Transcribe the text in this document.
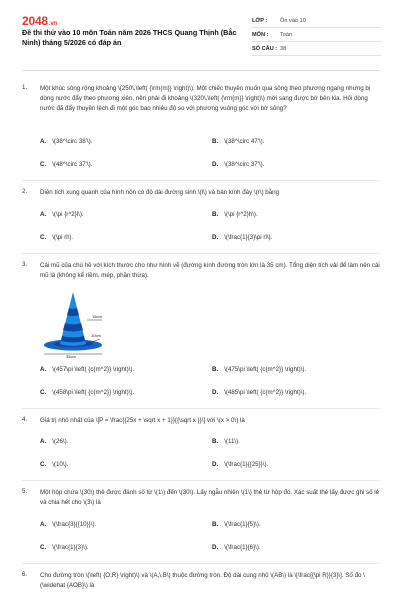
2048.vn
Đề thi thử vào 10 môn Toán năm 2026 THCS Quang Thịnh (Bắc Ninh) tháng 5/2026 có đáp án
LỚP :	Ôn vào 10
MÔN :	Toán
SỐ CÂU : 38
1. Một khúc sông rộng khoảng \(250\,\left( {\rm{m}} \right)\). Một chiếc thuyền muốn qua sông theo phương ngang nhưng bị dòng nước đẩy theo phương xiên, nên phải đi khoảng \(320\,\left( {\rm{m}} \right)\) mới sang được bờ bên kia. Hỏi dòng nước đã đẩy thuyền lệch đi một góc bao nhiêu độ so với phương vuông góc với bờ sông?
A. \(38^\circ 38'\).	B. \(38^\circ 47'\).
C. \(48^\circ 37'\).	D. \(38^\circ 37'\).
2. Diện tích xung quanh của hình nón có độ dài đường sinh \(l\) và bán kính đáy \(r\) bằng
A. \(\pi {r^2}l\).	B. \(\pi {r^2}h\).
C. \(\pi rl\).	D. \(\frac{1}{3}\pi rl\).
3. Cái mũ của chú hề với kích thước cho như hình vẽ (đường kính đường tròn lớn là 35 cm). Tổng diện tích vải để làm nên cái mũ là (không kể riềm, mép, phần thừa).
15cm
10cm
35cm
A. \(457\pi \left( {c{m^2}} \right)\).	B. \(475\pi \left( {c{m^2}} \right)\).
C. \(458\pi \left( {c{m^2}} \right)\).	D. \(485\pi \left( {c{m^2}} \right)\).
4. Giá trị nhỏ nhất của \[P = \frac{{25x + \sqrt x + 1}}{{\sqrt x }}\] với \(x > 0\) là
A. \(26\).	B. \(11\).
C. \(10\).	D. \(\frac{1}{{25}}\).
5. Một hộp chứa \(30\) thẻ được đánh số từ \(1\) đến \(30\). Lấy ngẫu nhiên \(1\) thẻ từ hộp đó. Xác suất thẻ lấy được ghi số lẻ và chia hết cho \(3\) là
A. \(\frac{3}{{10}}\).	B. \(\frac{1}{5}\).
C. \(\frac{1}{3}\).	D. \(\frac{1}{6}\).
6. Cho đường tròn \(\left( {O;R} \right)\) và \(A,\,B\) thuộc đường tròn. Độ dài cung nhỏ \(AB\) là \[\frac{{\pi R}}{3}\]. Số đo \(\widehat {AOB}\) là
